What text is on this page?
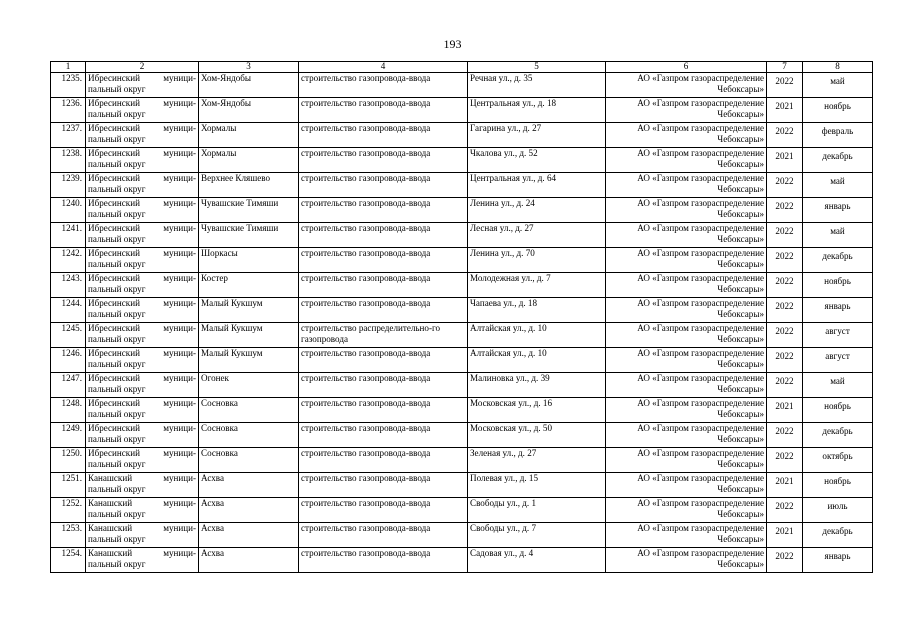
193
1	2	3	4	5	6	7	8
1235.	Ибресинский муници-пальный округ	Хом-Яндобы	строительство газопровода-ввода	Речная ул., д. 35	АО «Газпром газораспределение Чебоксары»	2022	май
1236.	Ибресинский муници-пальный округ	Хом-Яндобы	строительство газопровода-ввода	Центральная ул., д. 18	АО «Газпром газораспределение Чебоксары»	2021	ноябрь
1237.	Ибресинский муници-пальный округ	Хормалы	строительство газопровода-ввода	Гагарина ул., д. 27	АО «Газпром газораспределение Чебоксары»	2022	февраль
1238.	Ибресинский муници-пальный округ	Хормалы	строительство газопровода-ввода	Чкалова ул., д. 52	АО «Газпром газораспределение Чебоксары»	2021	декабрь
1239.	Ибресинский муници-пальный округ	Верхнее Кляшево	строительство газопровода-ввода	Центральная ул., д. 64	АО «Газпром газораспределение Чебоксары»	2022	май
1240.	Ибресинский муници-пальный округ	Чувашские Тимяши	строительство газопровода-ввода	Ленина ул., д. 24	АО «Газпром газораспределение Чебоксары»	2022	январь
1241.	Ибресинский муници-пальный округ	Чувашские Тимяши	строительство газопровода-ввода	Лесная ул., д. 27	АО «Газпром газораспределение Чебоксары»	2022	май
1242.	Ибресинский муници-пальный округ	Шоркасы	строительство газопровода-ввода	Ленина ул., д. 70	АО «Газпром газораспределение Чебоксары»	2022	декабрь
1243.	Ибресинский муници-пальный округ	Костер	строительство газопровода-ввода	Молодежная ул., д. 7	АО «Газпром газораспределение Чебоксары»	2022	ноябрь
1244.	Ибресинский муници-пальный округ	Малый Кукшум	строительство газопровода-ввода	Чапаева ул., д. 18	АО «Газпром газораспределение Чебоксары»	2022	январь
1245.	Ибресинский муници-пальный округ	Малый Кукшум	строительство распределительно-го газопровода	Алтайская ул., д. 10	АО «Газпром газораспределение Чебоксары»	2022	август
1246.	Ибресинский муници-пальный округ	Малый Кукшум	строительство газопровода-ввода	Алтайская ул., д. 10	АО «Газпром газораспределение Чебоксары»	2022	август
1247.	Ибресинский муници-пальный округ	Огонек	строительство газопровода-ввода	Малиновка ул., д. 39	АО «Газпром газораспределение Чебоксары»	2022	май
1248.	Ибресинский муници-пальный округ	Сосновка	строительство газопровода-ввода	Московская ул., д. 16	АО «Газпром газораспределение Чебоксары»	2021	ноябрь
1249.	Ибресинский муници-пальный округ	Сосновка	строительство газопровода-ввода	Московская ул., д. 50	АО «Газпром газораспределение Чебоксары»	2022	декабрь
1250.	Ибресинский муници-пальный округ	Сосновка	строительство газопровода-ввода	Зеленая ул., д. 27	АО «Газпром газораспределение Чебоксары»	2022	октябрь
1251.	Канашский муници-пальный округ	Асхва	строительство газопровода-ввода	Полевая ул., д. 15	АО «Газпром газораспределение Чебоксары»	2021	ноябрь
1252.	Канашский муници-пальный округ	Асхва	строительство газопровода-ввода	Свободы ул., д. 1	АО «Газпром газораспределение Чебоксары»	2022	июль
1253.	Канашский муници-пальный округ	Асхва	строительство газопровода-ввода	Свободы ул., д. 7	АО «Газпром газораспределение Чебоксары»	2021	декабрь
1254.	Канашский муници-пальный округ	Асхва	строительство газопровода-ввода	Садовая ул., д. 4	АО «Газпром газораспределение Чебоксары»	2022	январь
